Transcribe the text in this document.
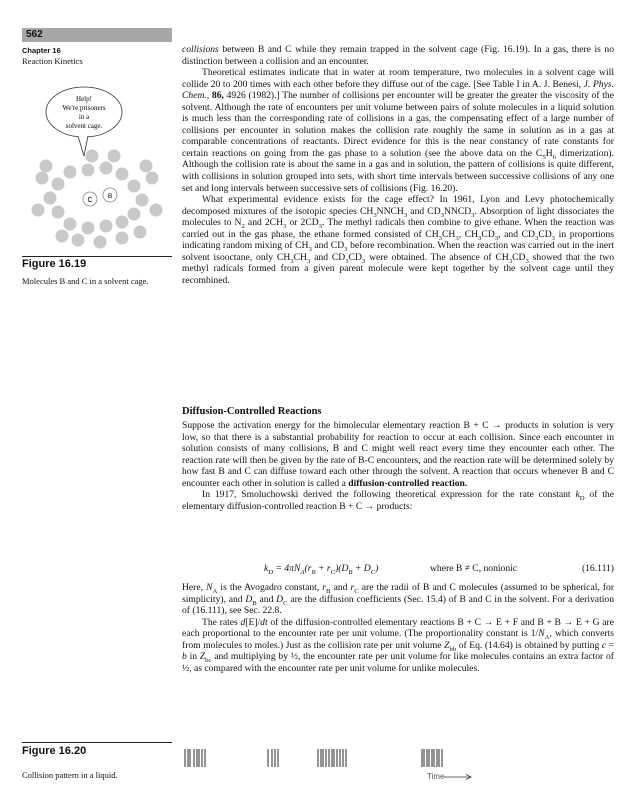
562
Chapter 16
Reaction Kinetics
Help!
We're prisoners
in a
solvent cage.
C
B
Figure 16.19
Molecules B and C in a solvent cage.

collisions between B and C while they remain trapped in the solvent cage (Fig. 16.19). In a gas, there is no distinction between a collision and an encounter.

Theoretical estimates indicate that in water at room temperature, two molecules in a solvent cage will collide 20 to 200 times with each other before they diffuse out of the cage. [See Table I in A. J. Benesi, J. Phys. Chem., 86, 4926 (1982).] The number of collisions per encounter will be greater the greater the viscosity of the solvent. Although the rate of encounters per unit volume between pairs of solute molecules in a liquid solution is much less than the corresponding rate of collisions in a gas, the compensating effect of a large number of collisions per encounter in solution makes the collision rate roughly the same in solution as in a gas at comparable concentrations of reactants. Direct evidence for this is the near constancy of rate constants for certain reactions on going from the gas phase to a solution (see the above data on the $C_5H_6$ dimerization). Although the collision rate is about the same in a gas and in solution, the pattern of collisions is quite different, with collisions in solution grouped into sets, with short time intervals between successive collisions of any one set and long intervals between successive sets of collisions (Fig. 16.20).

What experimental evidence exists for the cage effect? In 1961, Lyon and Levy photochemically decomposed mixtures of the isotopic species $CH_3NNCH_3$ and $CD_3NNCD_3$. Absorption of light dissociates the molecules to $N_2$ and $2CH_3$ or $2CD_3$. The methyl radicals then combine to give ethane. When the reaction was carried out in the gas phase, the ethane formed consisted of $CH_3CH_3$, $CH_3CD_3$, and $CD_3CD_3$ in proportions indicating random mixing of $CH_3$ and $CD_3$ before recombination. When the reaction was carried out in the inert solvent isooctane, only $CH_3CH_3$ and $CD_3CD_3$ were obtained. The absence of $CH_3CD_3$ showed that the two methyl radicals formed from a given parent molecule were kept together by the solvent cage until they recombined.

Diffusion-Controlled Reactions

Suppose the activation energy for the bimolecular elementary reaction B + C → products in solution is very low, so that there is a substantial probability for reaction to occur at each collision. Since each encounter in solution consists of many collisions, B and C might well react every time they encounter each other. The reaction rate will then be given by the rate of B-C encounters, and the reaction rate will be determined solely by how fast B and C can diffuse toward each other through the solvent. A reaction that occurs whenever B and C encounter each other in solution is called a diffusion-controlled reaction.

In 1917, Smoluchowski derived the following theoretical expression for the rate constant $k_D$ of the elementary diffusion-controlled reaction B + C → products:

$k_D = 4\pi N_A(r_B + r_C)(D_B + D_C)$	where B ≠ C, nonionic	(16.111)

Here, $N_A$ is the Avogadro constant, $r_B$ and $r_C$ are the radii of B and C molecules (assumed to be spherical, for simplicity), and $D_B$ and $D_C$ are the diffusion coefficients (Sec. 15.4) of B and C in the solvent. For a derivation of (16.111), see Sec. 22.8.

The rates d[E]/dt of the diffusion-controlled elementary reactions B + C → E + F and B + B → E + G are each proportional to the encounter rate per unit volume. (The proportionality constant is $1/N_A$, which converts from molecules to moles.) Just as the collision rate per unit volume $Z_{bb}$ of Eq. (14.64) is obtained by putting c = b in $Z_{bc}$ and multiplying by ½, the encounter rate per unit volume for like molecules contains an extra factor of ½, as compared with the encounter rate per unit volume for unlike molecules.

Figure 16.20
Collision pattern in a liquid.	Time
